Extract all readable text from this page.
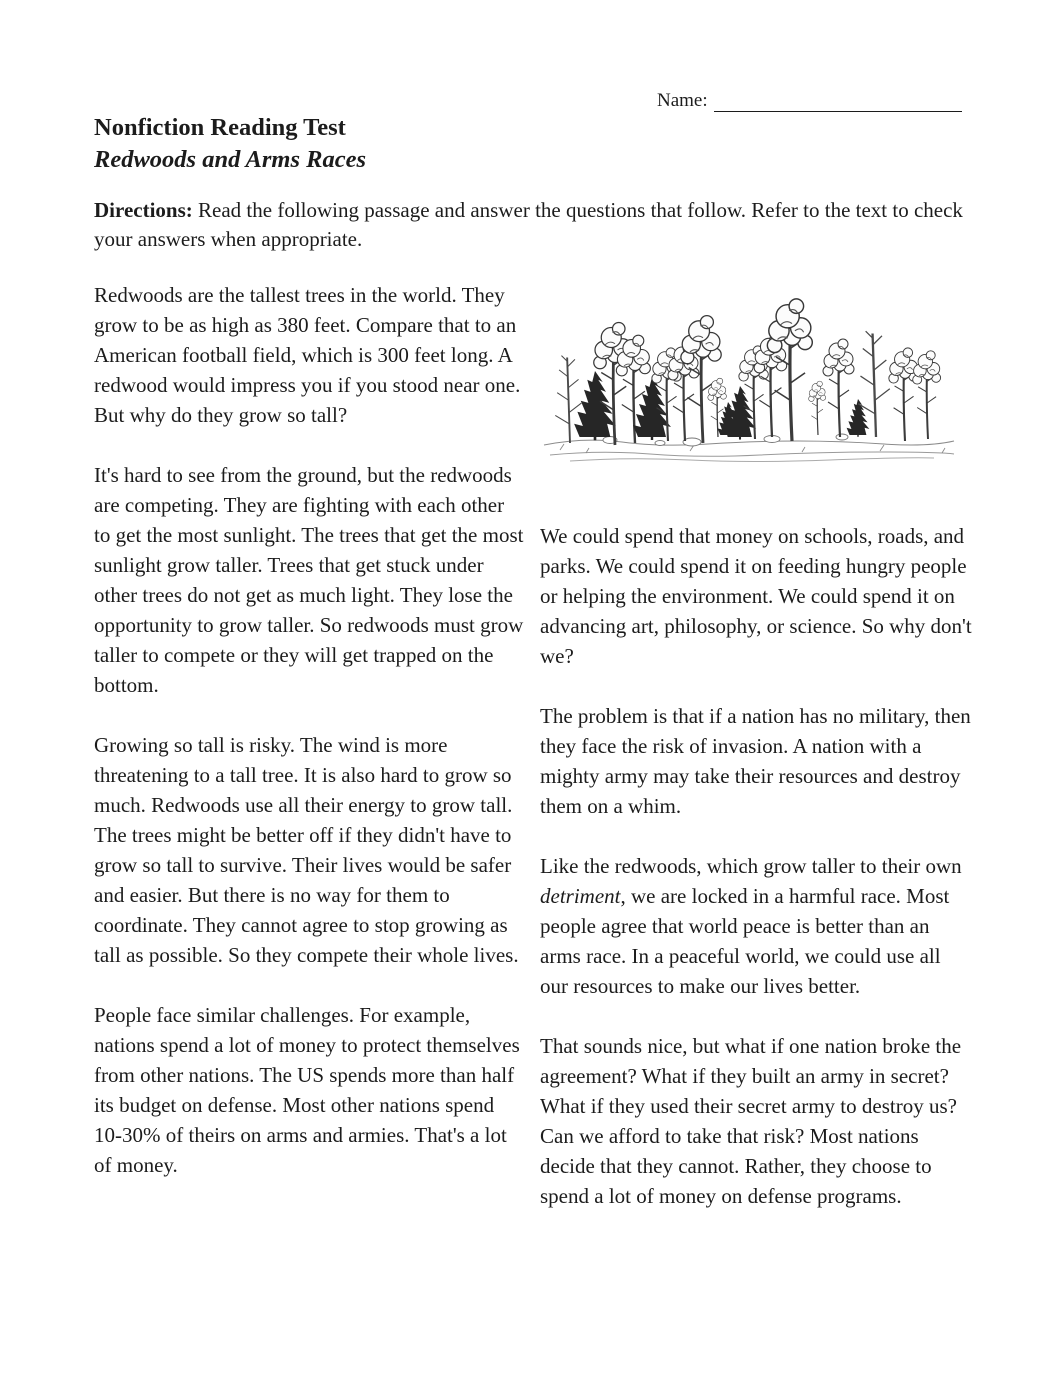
Name:
Nonfiction Reading Test
Redwoods and Arms Races

Directions: Read the following passage and answer the questions that follow. Refer to the text to check your answers when appropriate.

Redwoods are the tallest trees in the world. They grow to be as high as 380 feet. Compare that to an American football field, which is 300 feet long. A redwood would impress you if you stood near one. But why do they grow so tall?

It's hard to see from the ground, but the redwoods are competing. They are fighting with each other to get the most sunlight. The trees that get the most sunlight grow taller. Trees that get stuck under other trees do not get as much light. They lose the opportunity to grow taller. So redwoods must grow taller to compete or they will get trapped on the bottom.

Growing so tall is risky. The wind is more threatening to a tall tree. It is also hard to grow so much. Redwoods use all their energy to grow tall. The trees might be better off if they didn't have to grow so tall to survive. Their lives would be safer and easier. But there is no way for them to coordinate. They cannot agree to stop growing as tall as possible. So they compete their whole lives.

People face similar challenges. For example, nations spend a lot of money to protect themselves from other nations. The US spends more than half its budget on defense. Most other nations spend 10-30% of theirs on arms and armies. That's a lot of money.

We could spend that money on schools, roads, and parks. We could spend it on feeding hungry people or helping the environment. We could spend it on advancing art, philosophy, or science. So why don't we?

The problem is that if a nation has no military, then they face the risk of invasion. A nation with a mighty army may take their resources and destroy them on a whim.

Like the redwoods, which grow taller to their own detriment, we are locked in a harmful race. Most people agree that world peace is better than an arms race. In a peaceful world, we could use all our resources to make our lives better.

That sounds nice, but what if one nation broke the agreement? What if they built an army in secret? What if they used their secret army to destroy us? Can we afford to take that risk? Most nations decide that they cannot. Rather, they choose to spend a lot of money on defense programs.
